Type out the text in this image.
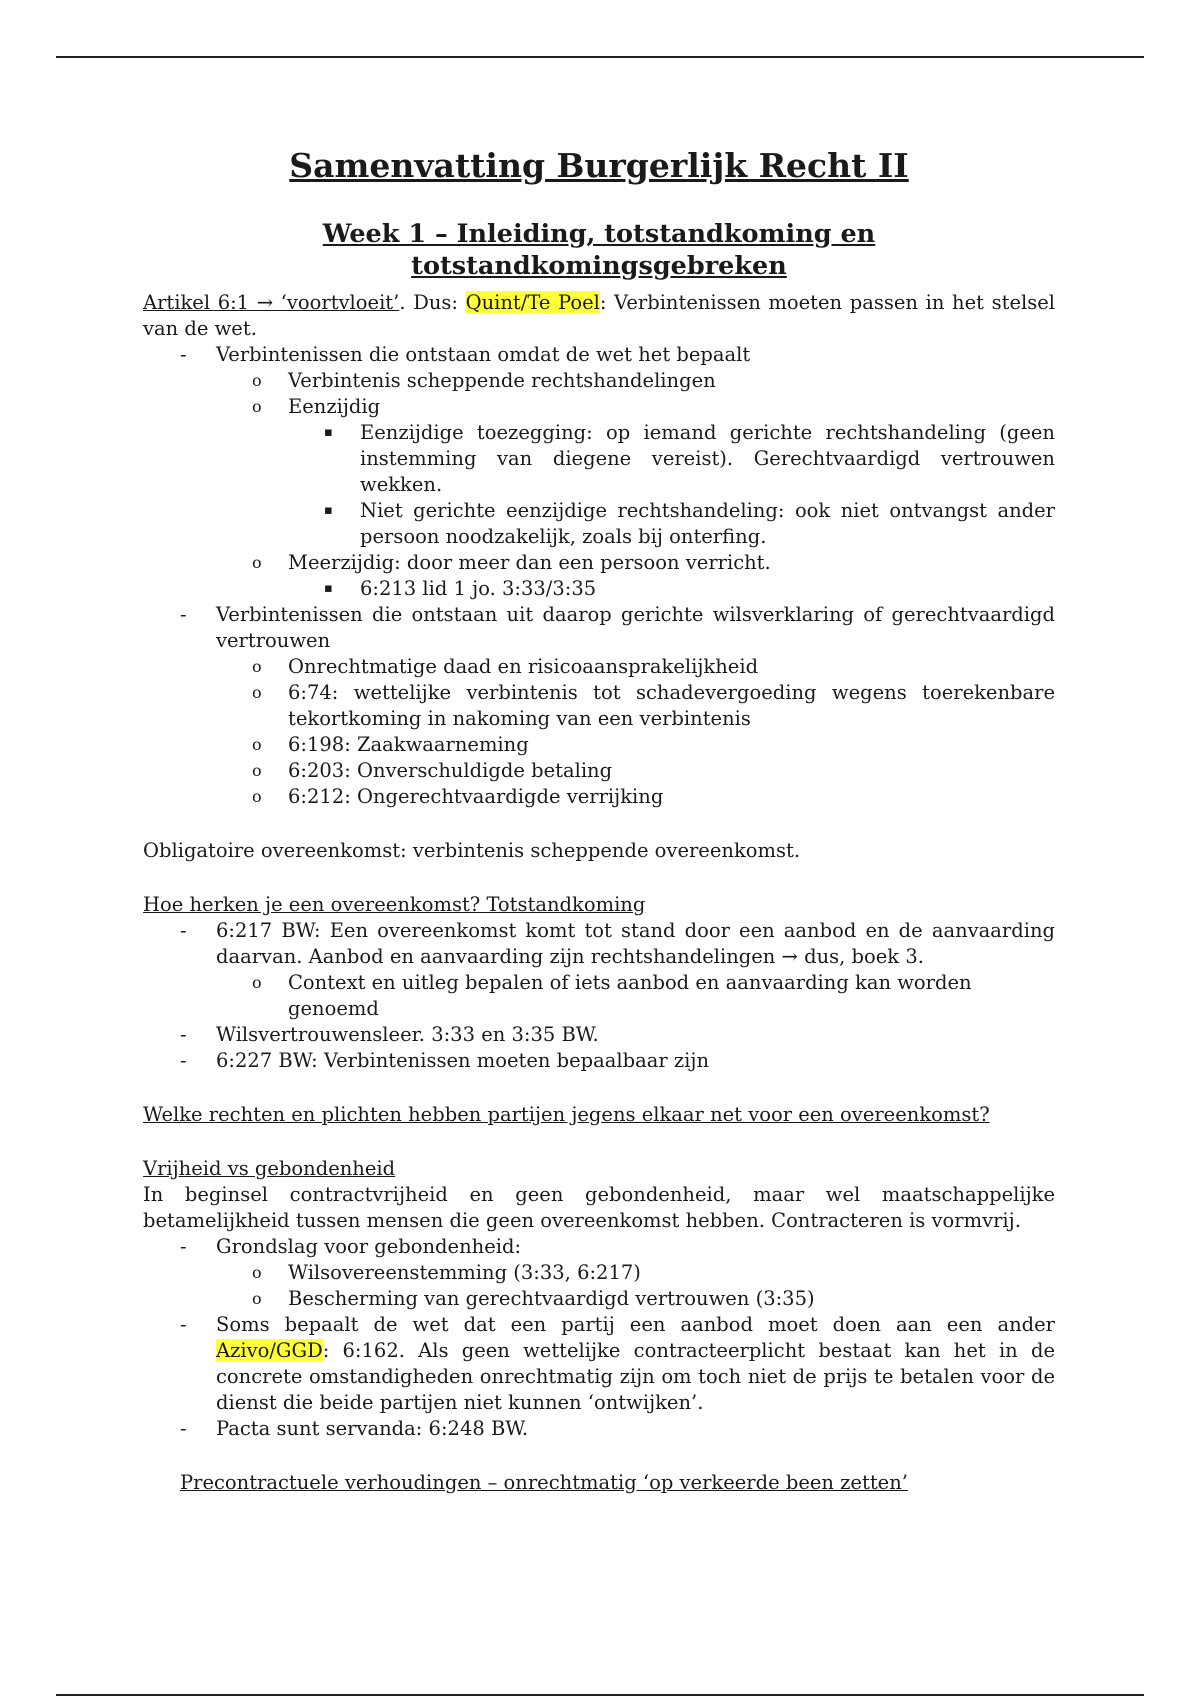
Samenvatting Burgerlijk Recht II
Week 1 – Inleiding, totstandkoming en totstandkomingsgebreken

Artikel 6:1 → ‘voortvloeit’. Dus: Quint/Te Poel: Verbintenissen moeten passen in het stelsel van de wet.

- Verbintenissen die ontstaan omdat de wet het bepaalt
o Verbintenis scheppende rechtshandelingen
o Eenzijdig
▪ Eenzijdige toezegging: op iemand gerichte rechtshandeling (geen instemming van diegene vereist). Gerechtvaardigd vertrouwen wekken.
▪ Niet gerichte eenzijdige rechtshandeling: ook niet ontvangst ander persoon noodzakelijk, zoals bij onterfing.
o Meerzijdig: door meer dan een persoon verricht.
▪ 6:213 lid 1 jo. 3:33/3:35
- Verbintenissen die ontstaan uit daarop gerichte wilsverklaring of gerechtvaardigd vertrouwen
o Onrechtmatige daad en risicoaansprakelijkheid
o 6:74: wettelijke verbintenis tot schadevergoeding wegens toerekenbare tekortkoming in nakoming van een verbintenis
o 6:198: Zaakwaarneming
o 6:203: Onverschuldigde betaling
o 6:212: Ongerechtvaardigde verrijking

Obligatoire overeenkomst: verbintenis scheppende overeenkomst.

Hoe herken je een overeenkomst? Totstandkoming

- 6:217 BW: Een overeenkomst komt tot stand door een aanbod en de aanvaarding daarvan. Aanbod en aanvaarding zijn rechtshandelingen → dus, boek 3.
o Context en uitleg bepalen of iets aanbod en aanvaarding kan worden genoemd
- Wilsvertrouwensleer. 3:33 en 3:35 BW.
- 6:227 BW: Verbintenissen moeten bepaalbaar zijn

Welke rechten en plichten hebben partijen jegens elkaar net voor een overeenkomst?

Vrijheid vs gebondenheid

In beginsel contractvrijheid en geen gebondenheid, maar wel maatschappelijke betamelijkheid tussen mensen die geen overeenkomst hebben. Contracteren is vormvrij.

- Grondslag voor gebondenheid:
o Wilsovereenstemming (3:33, 6:217)
o Bescherming van gerechtvaardigd vertrouwen (3:35)
- Soms bepaalt de wet dat een partij een aanbod moet doen aan een ander Azivo/GGD: 6:162. Als geen wettelijke contracteerplicht bestaat kan het in de concrete omstandigheden onrechtmatig zijn om toch niet de prijs te betalen voor de dienst die beide partijen niet kunnen ‘ontwijken’.
- Pacta sunt servanda: 6:248 BW.

Precontractuele verhoudingen – onrechtmatig ‘op verkeerde been zetten’
